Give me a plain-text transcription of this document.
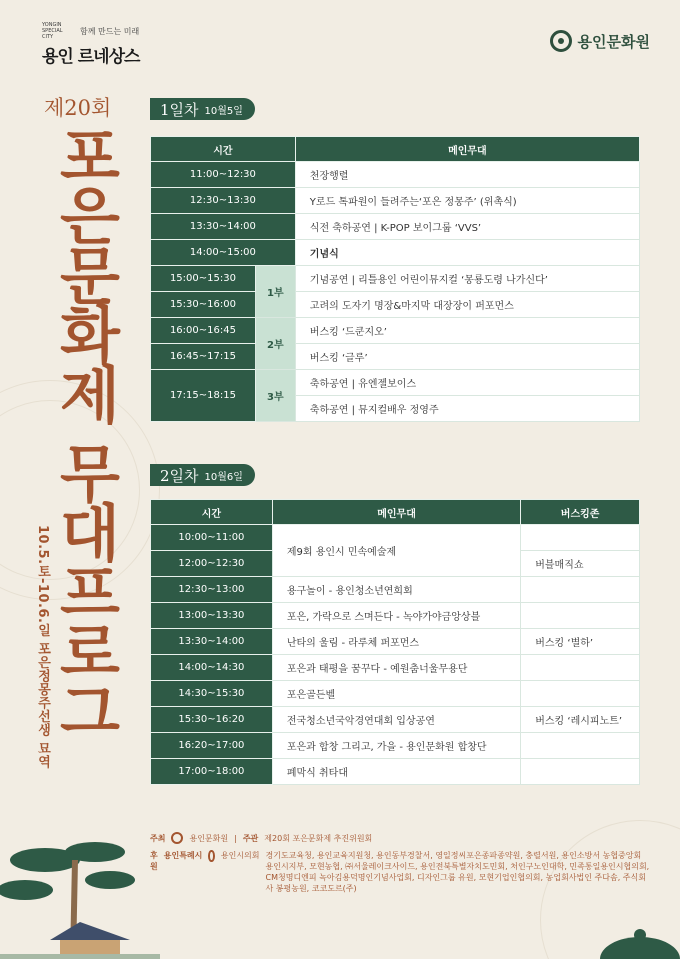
YONGIN SPECIAL CITY
함께 만드는 미래
용인 르네상스
용인문화원
제20회
포
은
문
화
제
무
대
프
로
그
10.5.토-10.6.일 포은정몽주선생 묘역
1일차 10월5일
시간		메인무대
11:00~12:30		천장행렬
12:30~13:30		Y로드 톡파원이 들려주는‘포은 정몽주’ (위촉식)
13:30~14:00		식전 축하공연 | K-POP 보이그룹 ‘VVS’
14:00~15:00		기념식
15:00~15:30	1부	기념공연 | 리틀용인 어린이뮤지컬 ‘몽룡도령 나가신다’
15:30~16:00		고려의 도자기 명장&마지막 대장장이 퍼포먼스
16:00~16:45	2부	버스킹 ‘드쿤지오’
16:45~17:15		버스킹 ‘글루’
17:15~18:15	3부	축하공연 | 유엔젤보이스
		축하공연 | 뮤지컬배우 정영주
2일차 10월6일
시간	메인무대	버스킹존
10:00~11:00	제9회 용인시 민속예술제	
12:00~12:30		버블매직쇼
12:30~13:00	용구놀이 - 용인청소년연희회	
13:00~13:30	포은, 가락으로 스며든다 - 녹야가야금앙상블	
13:30~14:00	난타의 울림 - 라루체 퍼포먼스	버스킹 ‘별하’
14:00~14:30	포은과 태평을 꿈꾸다 - 예원춤너울무용단	
14:30~15:30	포은골든벨	
15:30~16:20	전국청소년국악경연대회 입상공연	버스킹 ‘레시피노트’
16:20~17:00	포은과 합창 그리고, 가을 - 용인문화원 합창단	
17:00~18:00	폐막식 취타대	
주최	용인문화원 | 주관 제20회 포은문화제 추진위원회
후원
용인특례시 용인시의회 경기도교육청, 용인교육지원청, 용인동부경찰서, 영일정씨포은종파종약원, 충렬서원, 용인소방서 농협중앙회 용인시지부, 모현농협, ㈜서울레이크사이드, 용인전북특별자치도민회, 처인구노인대학, 민족통일용인시협의회, CM청명디엔피 녹아김용덕명인기념사업회, 디자인그룹 유원, 모현기업인협의회, 농업회사법인 주다솜, 주식회사 봉평농원, 코코도르(주)
